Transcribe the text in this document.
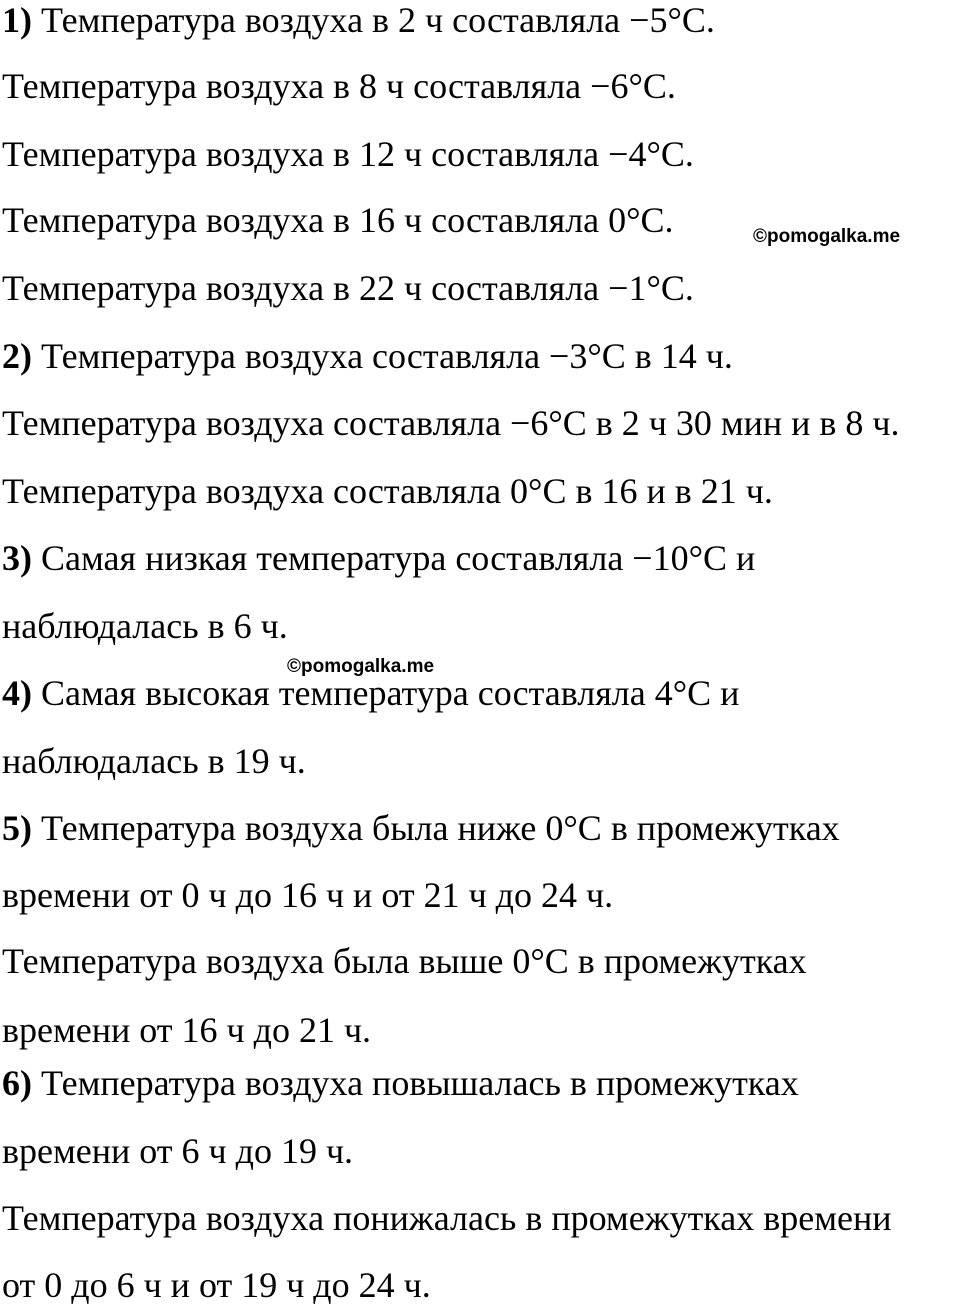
1) Температура воздуха в 2 ч составляла −5°C.
Температура воздуха в 8 ч составляла −6°C.
Температура воздуха в 12 ч составляла −4°C.
Температура воздуха в 16 ч составляла 0°C.
Температура воздуха в 22 ч составляла −1°C.
2) Температура воздуха составляла −3°C в 14 ч.
Температура воздуха составляла −6°C в 2 ч 30 мин и в 8 ч.
Температура воздуха составляла 0°C в 16 и в 21 ч.
3) Самая низкая температура составляла −10°C и
наблюдалась в 6 ч.
4) Самая высокая температура составляла 4°C и
наблюдалась в 19 ч.
5) Температура воздуха была ниже 0°C в промежутках
времени от 0 ч до 16 ч и от 21 ч до 24 ч.
Температура воздуха была выше 0°C в промежутках
времени от 16 ч до 21 ч.
6) Температура воздуха повышалась в промежутках
времени от 6 ч до 19 ч.
Температура воздуха понижалась в промежутках времени
от 0 до 6 ч и от 19 ч до 24 ч.
©pomogalka.me
©pomogalka.me
